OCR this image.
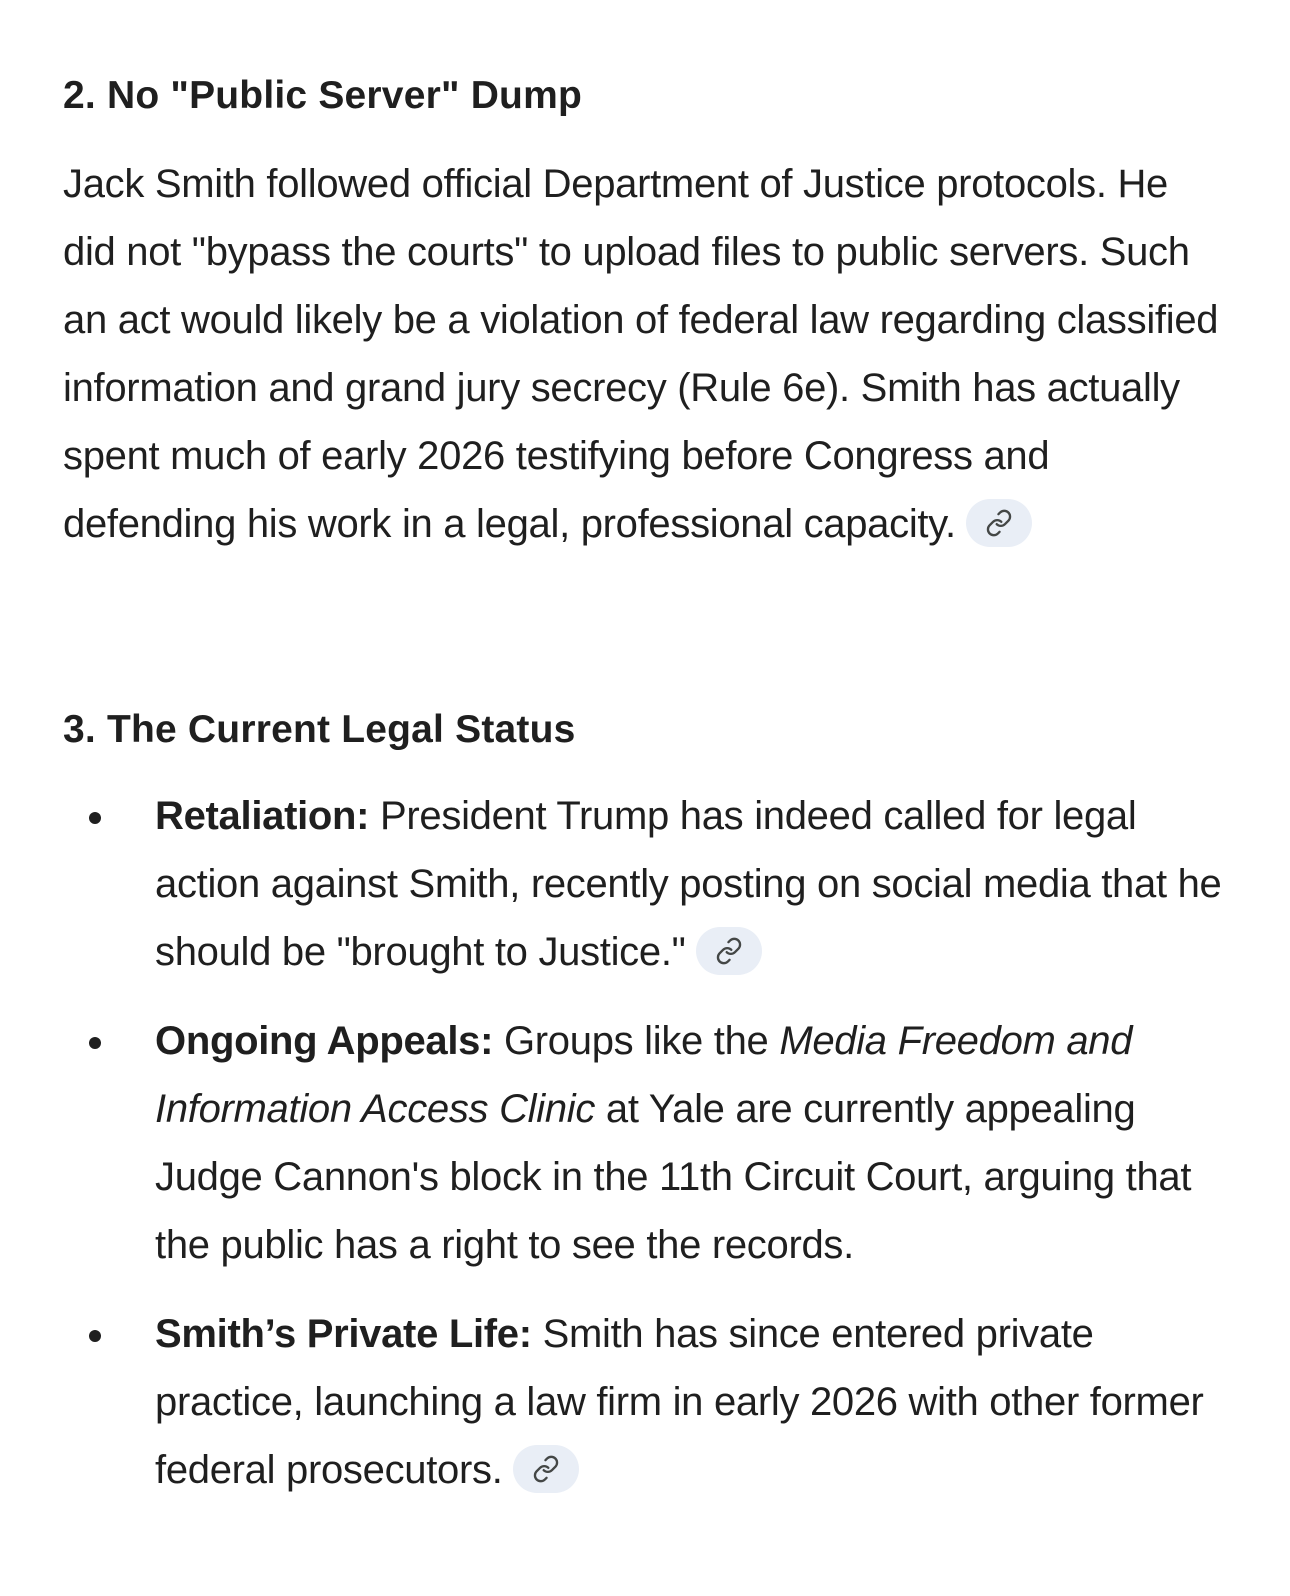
2. No "Public Server" Dump

Jack Smith followed official Department of Justice protocols. He did not "bypass the courts" to upload files to public servers. Such an act would likely be a violation of federal law regarding classified information and grand jury secrecy (Rule 6e). Smith has actually spent much of early 2026 testifying before Congress and defending his work in a legal, professional capacity.

3. The Current Legal Status
Retaliation: President Trump has indeed called for legal action against Smith, recently posting on social media that he should be "brought to Justice."
Ongoing Appeals: Groups like the Media Freedom and Information Access Clinic at Yale are currently appealing Judge Cannon's block in the 11th Circuit Court, arguing that the public has a right to see the records.
Smith’s Private Life: Smith has since entered private practice, launching a law firm in early 2026 with other former federal prosecutors.
